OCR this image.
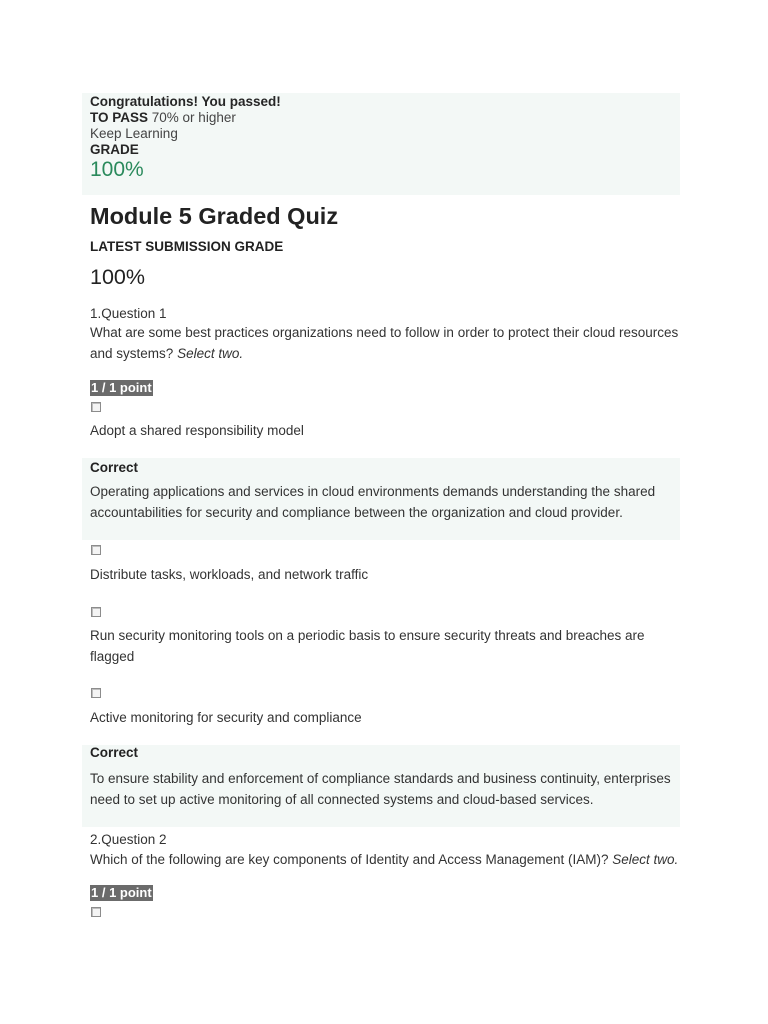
Congratulations! You passed!
TO PASS 70% or higher
Keep Learning
GRADE
100%
Module 5 Graded Quiz
LATEST SUBMISSION GRADE
100%
1.Question 1
What are some best practices organizations need to follow in order to protect their cloud resources and systems? Select two.
1 / 1 point
Adopt a shared responsibility model
Correct
Operating applications and services in cloud environments demands understanding the shared accountabilities for security and compliance between the organization and cloud provider.
Distribute tasks, workloads, and network traffic
Run security monitoring tools on a periodic basis to ensure security threats and breaches are flagged
Active monitoring for security and compliance
Correct
To ensure stability and enforcement of compliance standards and business continuity, enterprises need to set up active monitoring of all connected systems and cloud-based services.
2.Question 2
Which of the following are key components of Identity and Access Management (IAM)? Select two.
1 / 1 point
